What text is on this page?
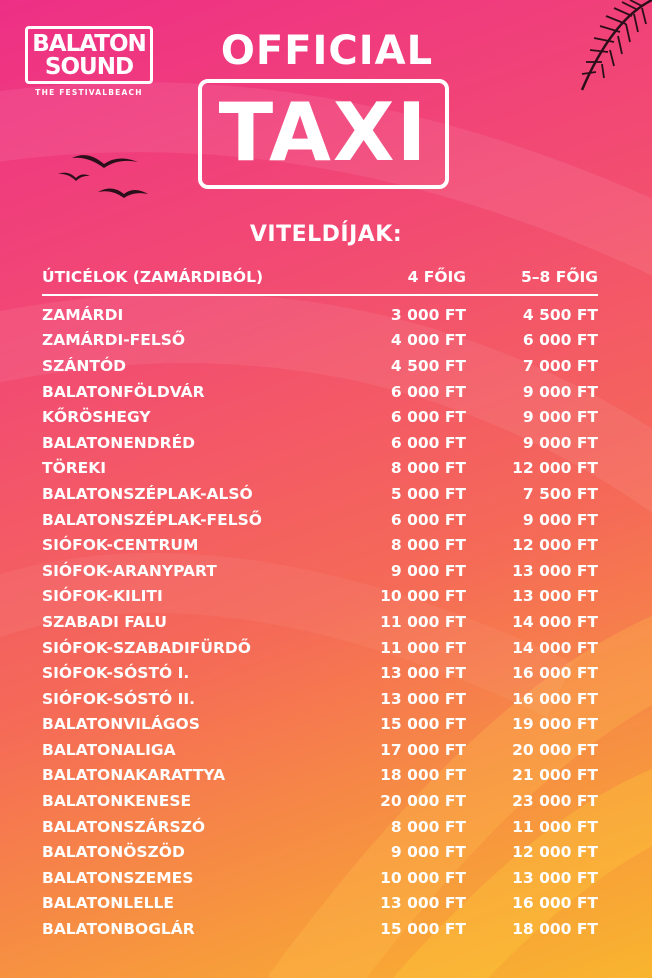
BALATON
SOUND
THE FESTIVALBEACH
OFFICIAL
TAXI
VITELDÍJAK:
ÚTICÉLOK (ZAMÁRDIBÓL)	4 FŐIG	5–8 FŐIG
ZAMÁRDI	3 000 FT	4 500 FT
ZAMÁRDI-FELSŐ	4 000 FT	6 000 FT
SZÁNTÓD	4 500 FT	7 000 FT
BALATONFÖLDVÁR	6 000 FT	9 000 FT
KŐRÖSHEGY	6 000 FT	9 000 FT
BALATONENDRÉD	6 000 FT	9 000 FT
TÖREKI	8 000 FT	12 000 FT
BALATONSZÉPLAK-ALSÓ	5 000 FT	7 500 FT
BALATONSZÉPLAK-FELSŐ	6 000 FT	9 000 FT
SIÓFOK-CENTRUM	8 000 FT	12 000 FT
SIÓFOK-ARANYPART	9 000 FT	13 000 FT
SIÓFOK-KILITI	10 000 FT	13 000 FT
SZABADI FALU	11 000 FT	14 000 FT
SIÓFOK-SZABADIFÜRDŐ	11 000 FT	14 000 FT
SIÓFOK-SÓSTÓ I.	13 000 FT	16 000 FT
SIÓFOK-SÓSTÓ II.	13 000 FT	16 000 FT
BALATONVILÁGOS	15 000 FT	19 000 FT
BALATONALIGA	17 000 FT	20 000 FT
BALATONAKARATTYA	18 000 FT	21 000 FT
BALATONKENESE	20 000 FT	23 000 FT
BALATONSZÁRSZÓ	8 000 FT	11 000 FT
BALATONÖSZÖD	9 000 FT	12 000 FT
BALATONSZEMES	10 000 FT	13 000 FT
BALATONLELLE	13 000 FT	16 000 FT
BALATONBOGLÁR	15 000 FT	18 000 FT
